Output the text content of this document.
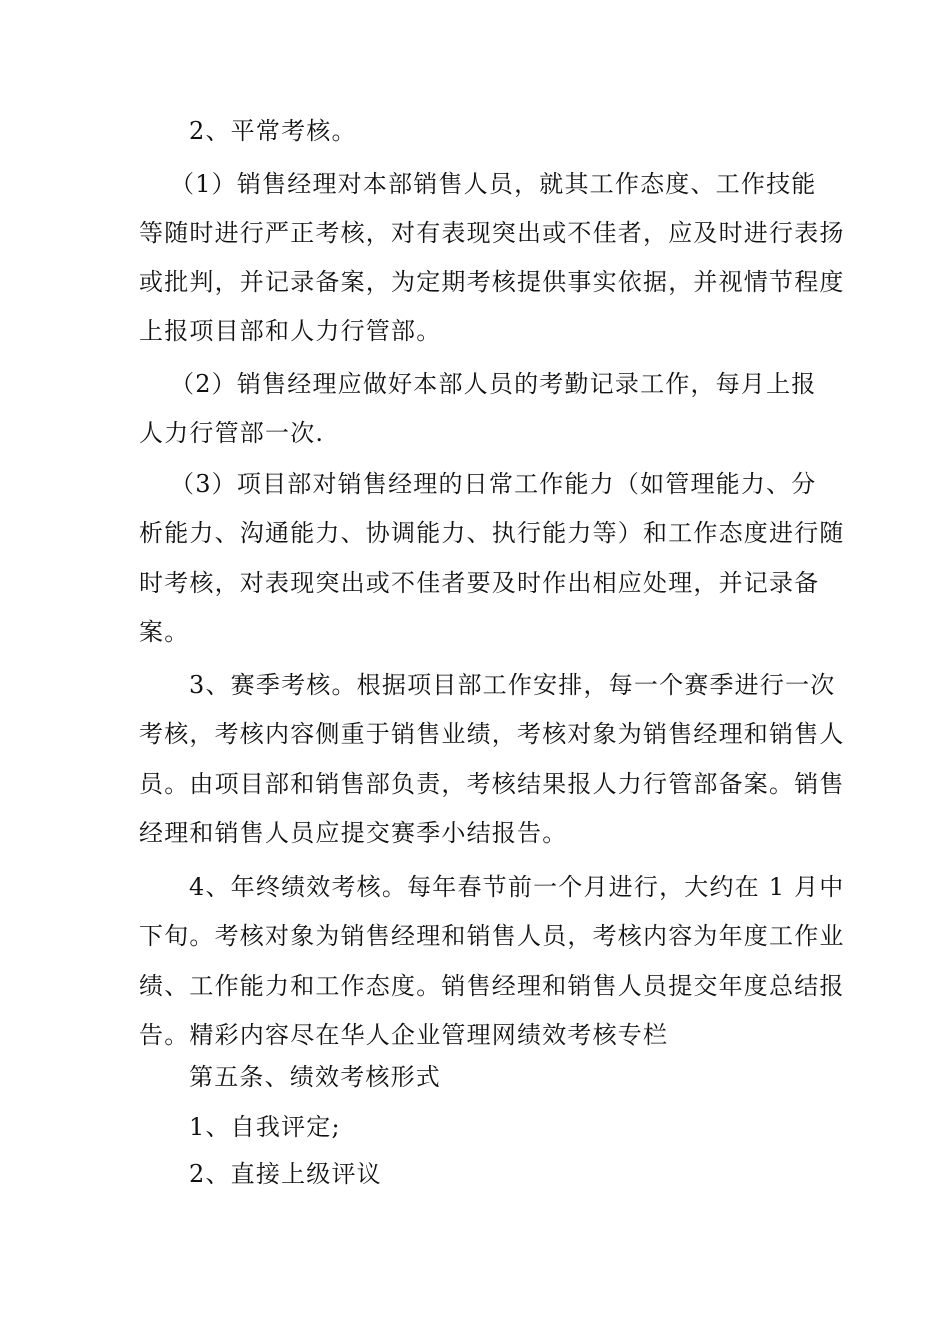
2、平常考核。
（1）销售经理对本部销售人员，就其工作态度、工作技能
等随时进行严正考核，对有表现突出或不佳者，应及时进行表扬
或批判，并记录备案，为定期考核提供事实依据，并视情节程度
上报项目部和人力行管部。
（2）销售经理应做好本部人员的考勤记录工作，每月上报
人力行管部一次.
（3）项目部对销售经理的日常工作能力（如管理能力、分
析能力、沟通能力、协调能力、执行能力等）和工作态度进行随
时考核，对表现突出或不佳者要及时作出相应处理，并记录备
案。
3、赛季考核。根据项目部工作安排，每一个赛季进行一次
考核，考核内容侧重于销售业绩，考核对象为销售经理和销售人
员。由项目部和销售部负责，考核结果报人力行管部备案。销售
经理和销售人员应提交赛季小结报告。
4、年终绩效考核。每年春节前一个月进行，大约在 1 月中
下旬。考核对象为销售经理和销售人员，考核内容为年度工作业
绩、工作能力和工作态度。销售经理和销售人员提交年度总结报
告。精彩内容尽在华人企业管理网绩效考核专栏
第五条、绩效考核形式
1、自我评定;
2、直接上级评议
